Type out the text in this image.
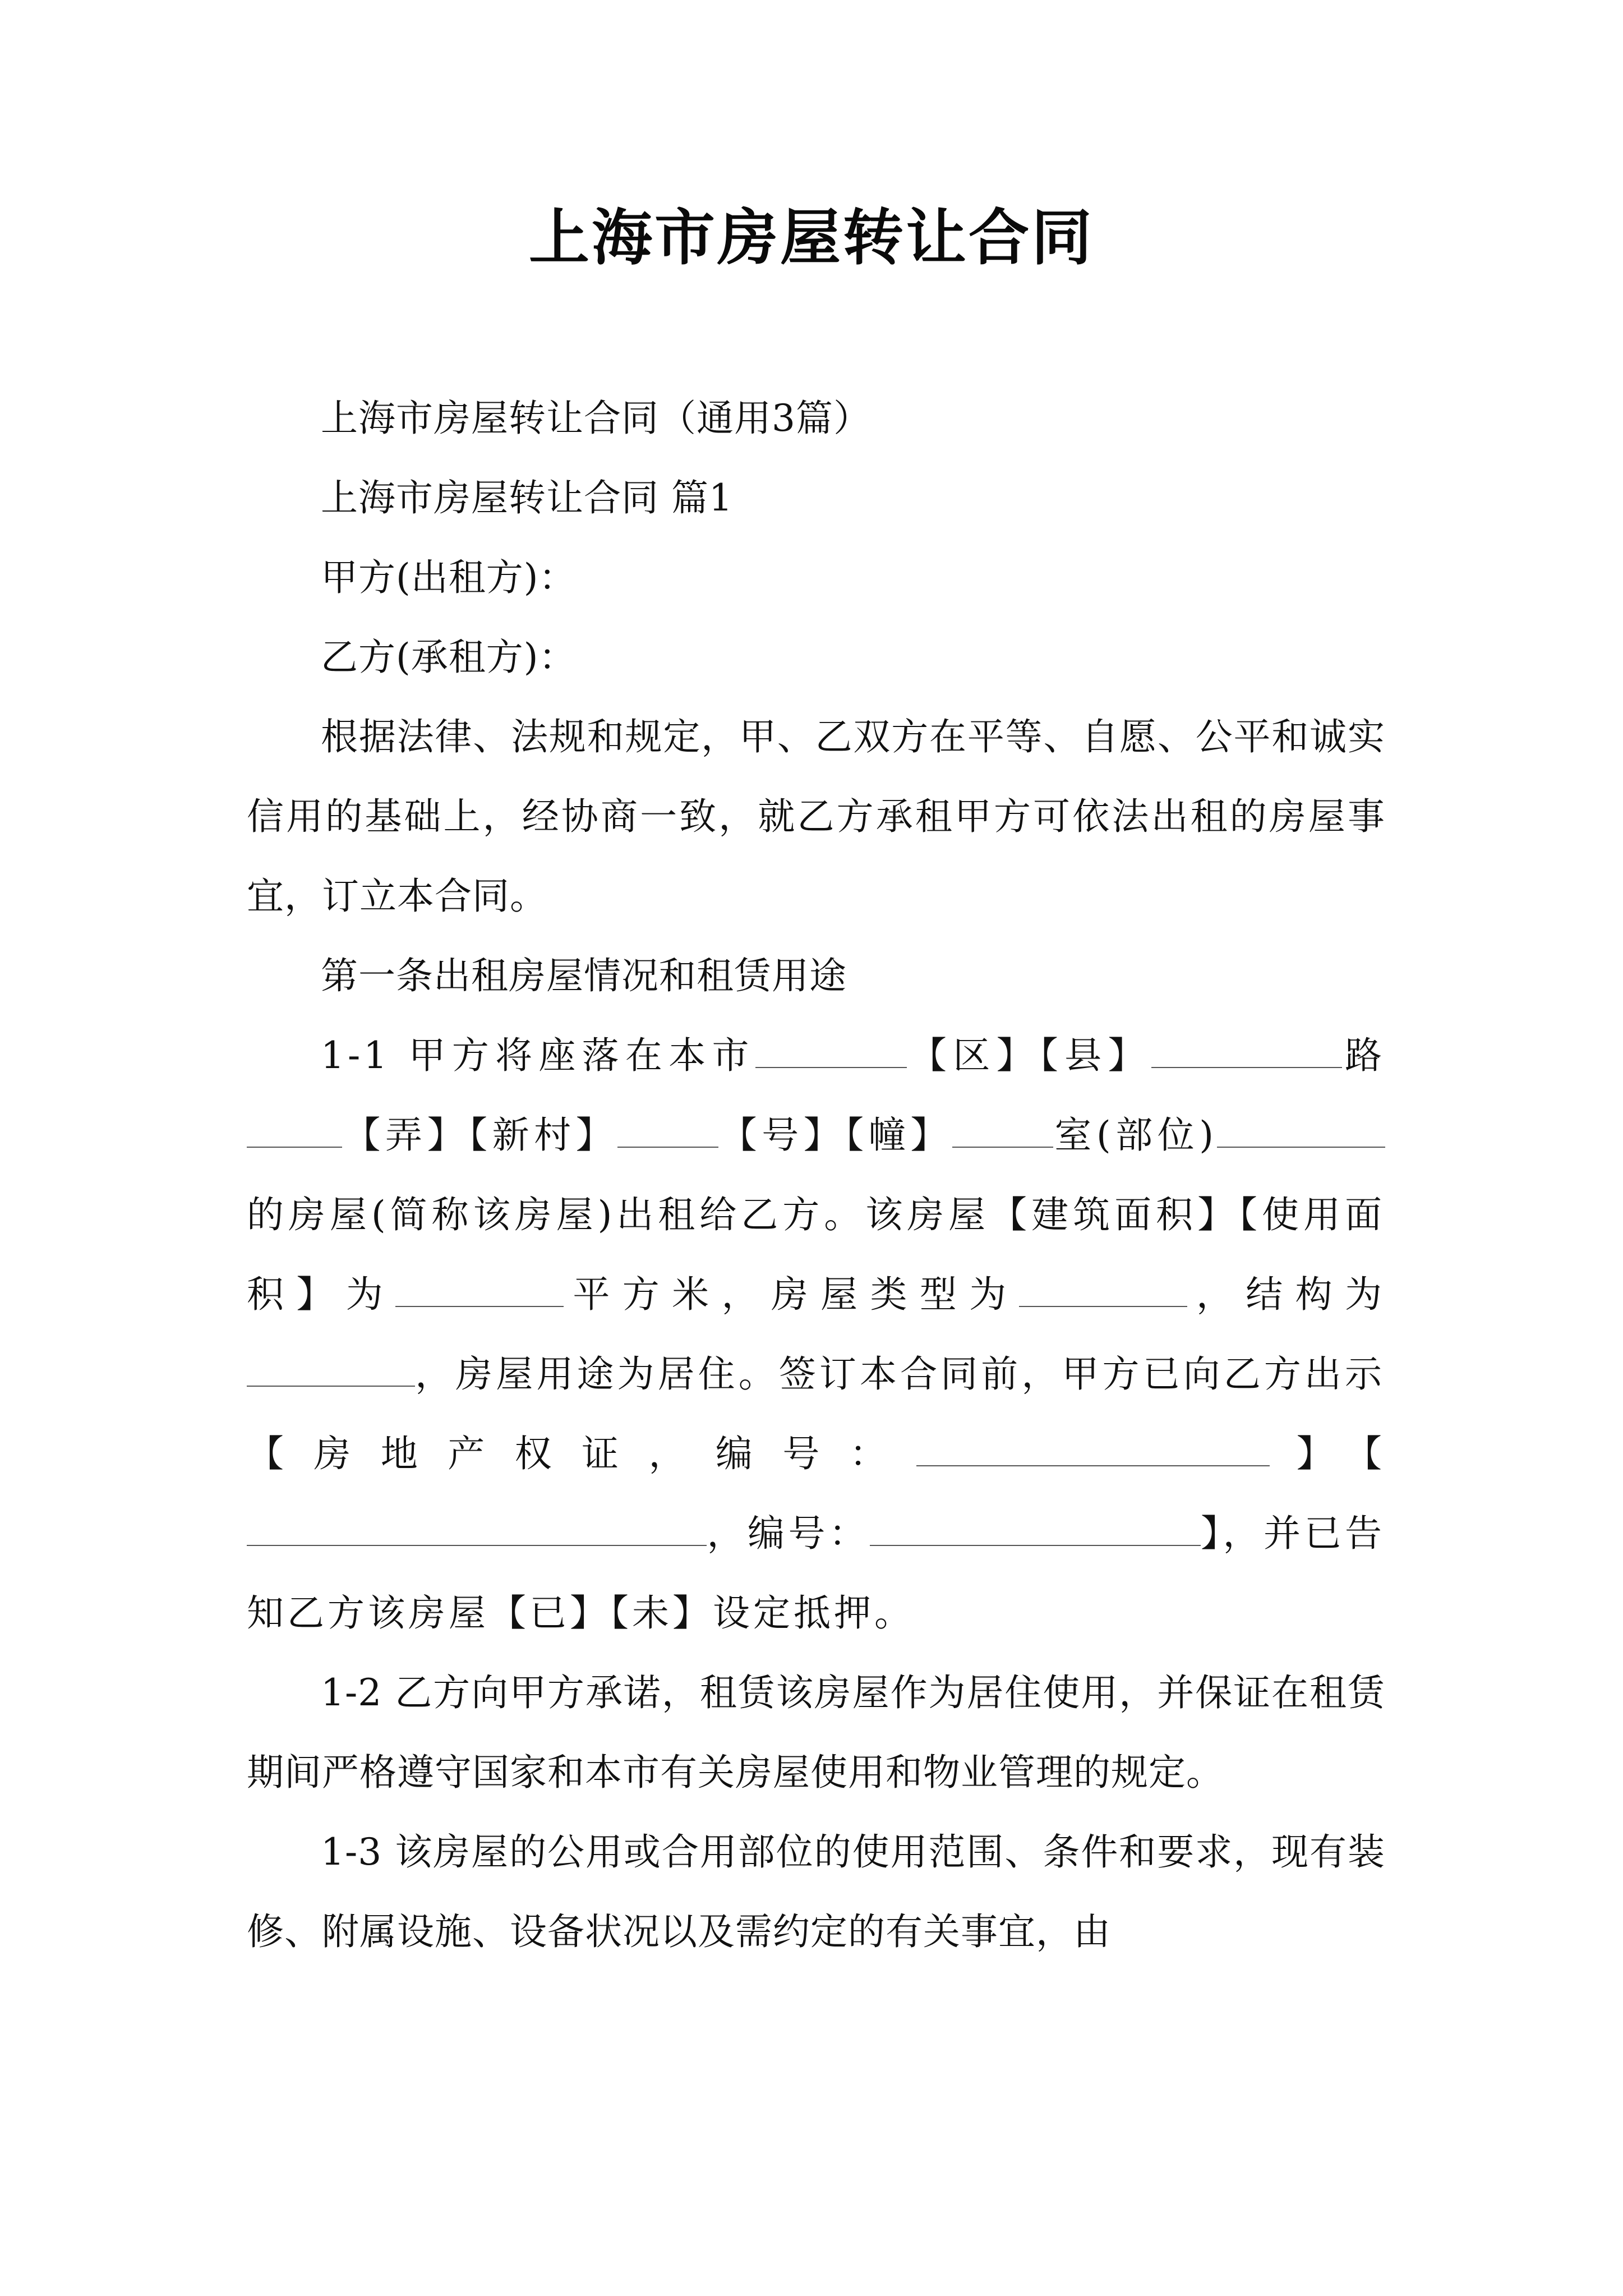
上海市房屋转让合同

上海市房屋转让合同（通用3篇）

上海市房屋转让合同 篇1

甲方(出租方)：

乙方(承租方)：

根据法律、法规和规定，甲、乙双方在平等、自愿、公平和诚实信用的基础上，经协商一致，就乙方承租甲方可依法出租的房屋事宜，订立本合同。

第一条出租房屋情况和租赁用途

1-1 甲方将座落在本市	【区】【县】	路【弄】【新村】	【号】【幢】	室(部位)的房屋(简称该房屋)出租给乙方。该房屋【建筑面积】【使用面积】为	平方米，房屋类型为	，结构为，房屋用途为居住。签订本合同前，甲方已向乙方出示【房地产权证，编号：	】【，编号：	】，并已告知乙方该房屋【已】【未】设定抵押。

1-2 乙方向甲方承诺，租赁该房屋作为居住使用，并保证在租赁期间严格遵守国家和本市有关房屋使用和物业管理的规定。

1-3 该房屋的公用或合用部位的使用范围、条件和要求，现有装修、附属设施、设备状况以及需约定的有关事宜，由
